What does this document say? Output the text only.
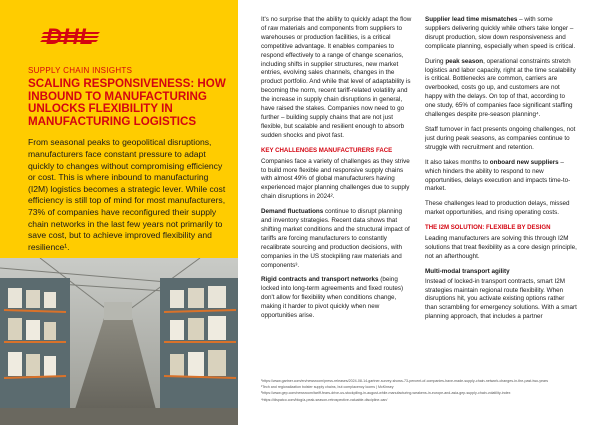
DHL
SUPPLY CHAIN INSIGHTS
SCALING RESPONSIVENESS: HOW INBOUND TO MANUFACTURING UNLOCKS FLEXIBILITY IN MANUFACTURING LOGISTICS
From seasonal peaks to geopolitical disruptions, manufacturers face constant pressure to adapt quickly to changes without compromising efficiency or cost. This is where inbound to manufacturing (I2M) logistics becomes a strategic lever. While cost efficiency is still top of mind for most manufacturers, 73% of companies have reconfigured their supply chain networks in the last few years not primarily to save cost, but to achieve improved flexibility and resilience¹.

It's no surprise that the ability to quickly adapt the flow of raw materials and components from suppliers to warehouses or production facilities, is a critical competitive advantage. It enables companies to respond effectively to a range of change scenarios, including shifts in supplier structures, new market entries, evolving sales channels, changes in the product portfolio. And while that level of adaptability is becoming the norm, recent tariff-related volatility and the increase in supply chain disruptions in general, have raised the stakes. Companies now need to go further – building supply chains that are not just flexible, but scalable and resilient enough to absorb sudden shocks and pivot fast.

KEY CHALLENGES MANUFACTURERS FACE

Companies face a variety of challenges as they strive to build more flexible and responsive supply chains with almost 49% of global manufacturers having experienced major planning challenges due to supply chain disruptions in 2024².

Demand fluctuations continue to disrupt planning and inventory strategies. Recent data shows that shifting market conditions and the structural impact of tariffs are forcing manufacturers to constantly recalibrate sourcing and production decisions, with companies in the US stockpiling raw materials and components³.

Rigid contracts and transport networks (being locked into long-term agreements and fixed routes) don't allow for flexibility when conditions change, making it harder to pivot quickly when new opportunities arise.

Supplier lead time mismatches – with some suppliers delivering quickly while others take longer – disrupt production, slow down responsiveness and complicate planning, especially when speed is critical.

During peak season, operational constraints stretch logistics and labor capacity, right at the time scalability is critical. Bottlenecks are common, carriers are overbooked, costs go up, and customers are not happy with the delays. On top of that, according to one study, 65% of companies face significant staffing challenges despite pre-season planning⁴.

Staff turnover in fact presents ongoing challenges, not just during peak seasons, as companies continue to struggle with recruitment and retention.

It also takes months to onboard new suppliers – which hinders the ability to respond to new opportunities, delays execution and impacts time-to-market.

These challenges lead to production delays, missed market opportunities, and rising operating costs.

THE I2M SOLUTION: FLEXIBLE BY DESIGN

Leading manufacturers are solving this through I2M solutions that treat flexibility as a core design principle, not an afterthought.

Multi-modal transport agility

Instead of locked-in transport contracts, smart I2M strategies maintain regional route flexibility. When disruptions hit, you activate existing options rather than scrambling for emergency solutions. With a smart planning approach, that includes a partner

¹https://www.gartner.com/en/newsroom/press-releases/2024-08-14-gartner-survey-shows-73-percent-of-companies-have-made-supply-chain-network-changes-in-the-past-two-years
²Tech and regionalization bolster supply chains, but complacency looms | McKinsey
³https://www.gep.com/newsroom/tariff-fears-drive-us-stockpiling-in-august-while-manufacturing-weakens-in-europe-and-asia-gep-supply-chain-volatility-index
⁴https://dispatco.com/blog/a-peak-season-retrospective-valuable-discipline-can/
